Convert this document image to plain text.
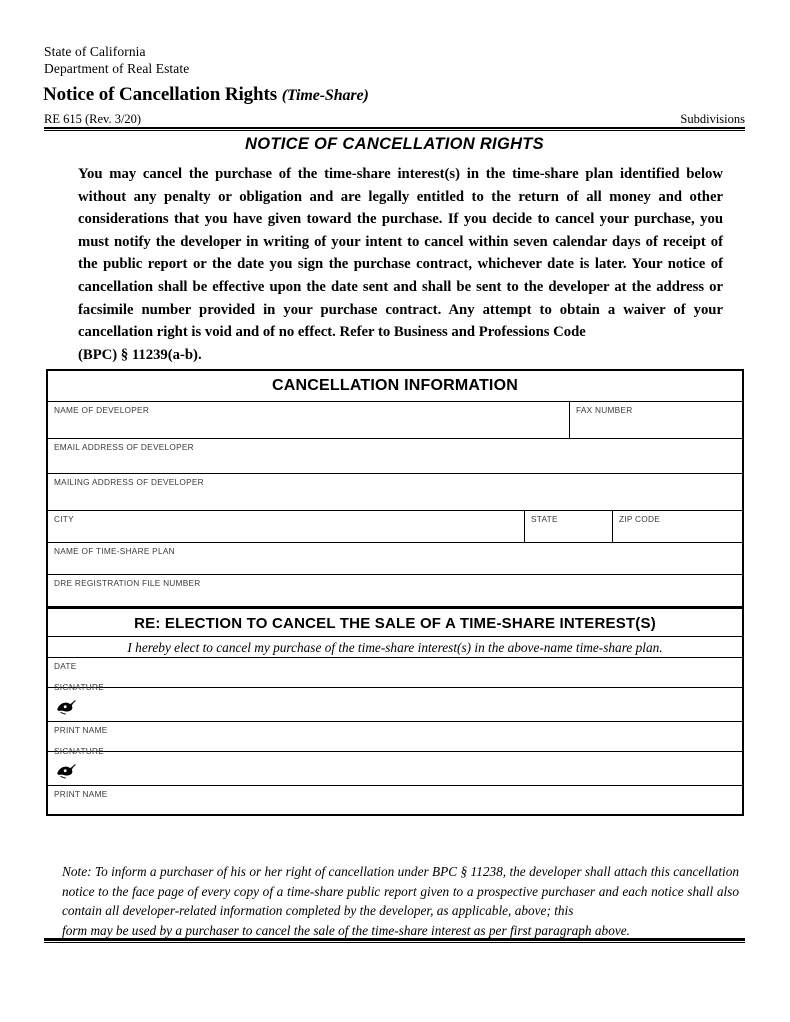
State of California
Department of Real Estate
Notice of Cancellation Rights (Time-Share)
RE 615 (Rev. 3/20)	Subdivisions
NOTICE OF CANCELLATION RIGHTS
You may cancel the purchase of the time-share interest(s) in the time-share plan identified below without any penalty or obligation and are legally entitled to the return of all money and other considerations that you have given toward the purchase. If you decide to cancel your purchase, you must notify the developer in writing of your intent to cancel within seven calendar days of receipt of the public report or the date you sign the purchase contract, whichever date is later. Your notice of cancellation shall be effective upon the date sent and shall be sent to the developer at the address or facsimile number provided in your purchase contract. Any attempt to obtain a waiver of your cancellation right is void and of no effect. Refer to Business and Professions Code
(BPC) § 11239(a-b).
CANCELLATION INFORMATION
NAME OF DEVELOPER	FAX NUMBER
EMAIL ADDRESS OF DEVELOPER
MAILING ADDRESS OF DEVELOPER
CITY	STATE	ZIP CODE
NAME OF TIME-SHARE PLAN
DRE REGISTRATION FILE NUMBER
RE: ELECTION TO CANCEL THE SALE OF A TIME-SHARE INTEREST(S)
I hereby elect to cancel my purchase of the time-share interest(s) in the above-name time-share plan.
DATE
SIGNATURE
PRINT NAME
SIGNATURE
PRINT NAME
Note: To inform a purchaser of his or her right of cancellation under BPC § 11238, the developer shall attach this cancellation notice to the face page of every copy of a time-share public report given to a prospective purchaser and each notice shall also contain all developer-related information completed by the developer, as applicable, above; this
form may be used by a purchaser to cancel the sale of the time-share interest as per first paragraph above.
